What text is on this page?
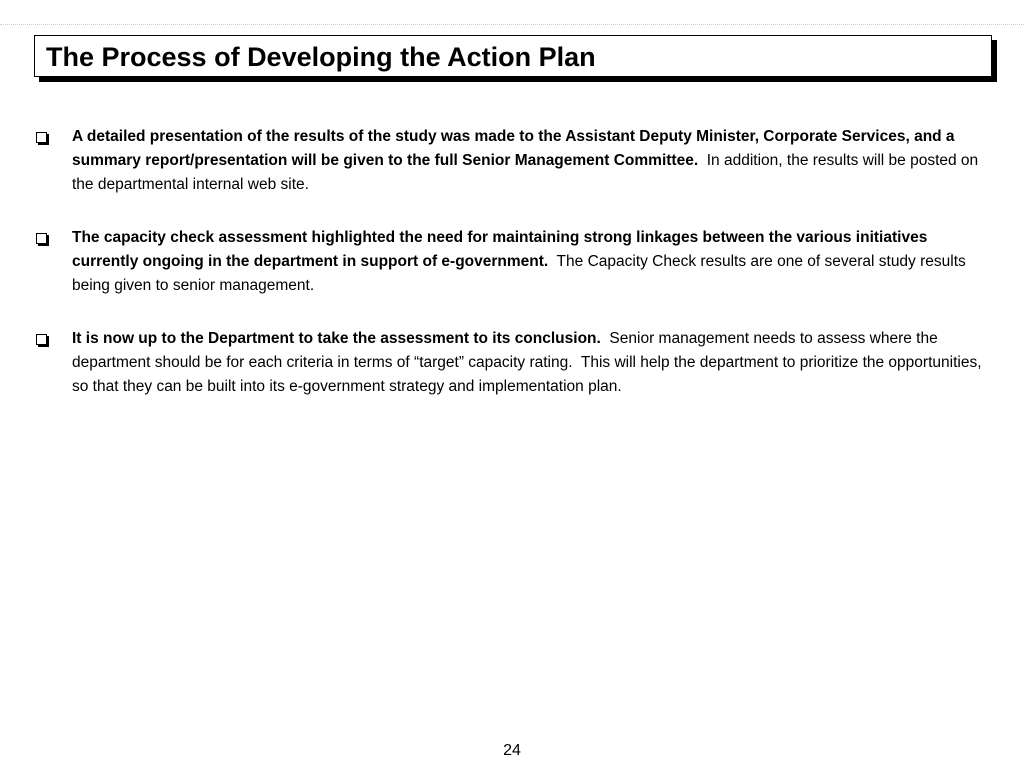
The Process of Developing the Action Plan
A detailed presentation of the results of the study was made to the Assistant Deputy Minister, Corporate Services, and a summary report/presentation will be given to the full Senior Management Committee.  In addition, the results will be posted on the departmental internal web site.
The capacity check assessment highlighted the need for maintaining strong linkages between the various initiatives currently ongoing in the department in support of e-government.  The Capacity Check results are one of several study results being given to senior management.
It is now up to the Department to take the assessment to its conclusion.  Senior management needs to assess where the department should be for each criteria in terms of “target” capacity rating.  This will help the department to prioritize the opportunities, so that they can be built into its e-government strategy and implementation plan.
24
